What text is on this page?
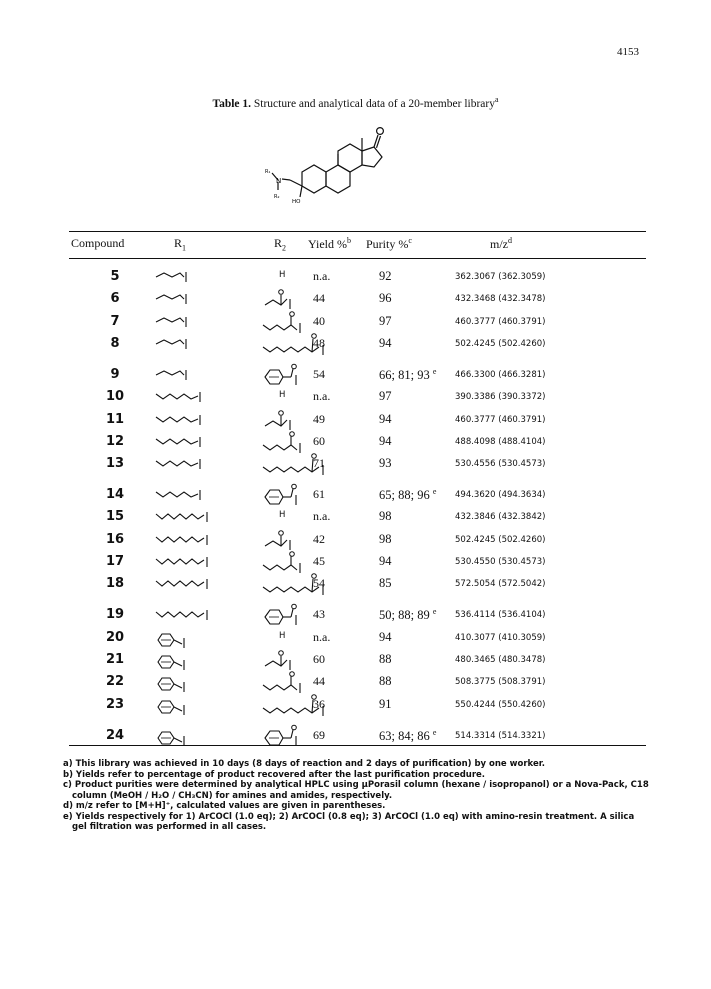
4153
Table 1. Structure and analytical data of a 20-member library$^a$
R₁
N
R₂
HO
Compound	$R_1$	$R_2$ Yield %$^b$ Purity %$^c$	$m/z^d$
5	H n.a.	92	362.3067 (362.3059)
6	44	96	432.3468 (432.3478)
7	40	97	460.3777 (460.3791)
8	48	94	502.4245 (502.4260)
9	54	66; 81; 93 $^e$ 466.3300 (466.3281)
10	H n.a.	97	390.3386 (390.3372)
11	49	94	460.3777 (460.3791)
12	60	94	488.4098 (488.4104)
13	71	93	530.4556 (530.4573)
14	61	65; 88; 96 $^e$ 494.3620 (494.3634)
15	H n.a.	98	432.3846 (432.3842)
16	42	98	502.4245 (502.4260)
17	45	94	530.4550 (530.4573)
18	54	85	572.5054 (572.5042)
19	43	50; 88; 89 $^e$ 536.4114 (536.4104)
20	H n.a.	94	410.3077 (410.3059)
21	60	88	480.3465 (480.3478)
22	44	88	508.3775 (508.3791)
23	36	91	550.4244 (550.4260)
24	69	63; 84; 86 $^e$ 514.3314 (514.3321)
a) This library was achieved in 10 days (8 days of reaction and 2 days of purification) by one worker.
b) Yields refer to percentage of product recovered after the last purification procedure.
c) Product purities were determined by analytical HPLC using µPorasil column (hexane / isopropanol) or a Nova-Pack, C18
column (MeOH / H₂O / CH₃CN) for amines and amides, respectively.
d) m/z refer to [M+H]⁺, calculated values are given in parentheses.
e) Yields respectively for 1) ArCOCl (1.0 eq); 2) ArCOCl (0.8 eq); 3) ArCOCl (1.0 eq) with amino-resin treatment. A silica
gel filtration was performed in all cases.
